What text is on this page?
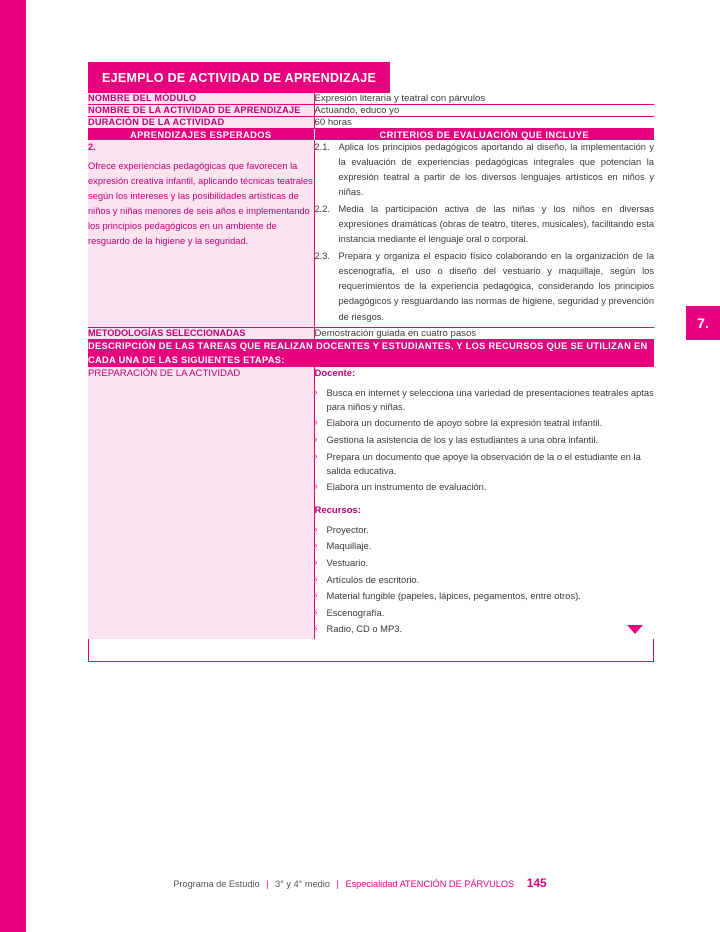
7.
EJEMPLO DE ACTIVIDAD DE APRENDIZAJE
NOMBRE DEL MÓDULO	Expresión literaria y teatral con párvulos
NOMBRE DE LA ACTIVIDAD DE APRENDIZAJE	Actuando, educo yo
DURACIÓN DE LA ACTIVIDAD	60 horas
APRENDIZAJES ESPERADOS	CRITERIOS DE EVALUACIÓN QUE INCLUYE

2.
Ofrece experiencias pedagógicas que favorecen la expresión creativa infantil, aplicando técnicas teatrales según los intereses y las posibilidades artísticas de niños y niñas menores de seis años e implementando los principios pedagógicos en un ambiente de resguardo de la higiene y la seguridad.	
2.1. Aplica los principios pedagógicos aportando al diseño, la implementación y la evaluación de experiencias pedagógicas integrales que potencian la expresión teatral a partir de los diversos lenguajes artísticos en niños y niñas.
2.2. Media la participación activa de las niñas y los niños en diversas expresiones dramáticas (obras de teatro, títeres, musicales), facilitando esta instancia mediante el lenguaje oral o corporal.
2.3. Prepara y organiza el espacio físico colaborando en la organización de la escenografía, el uso o diseño del vestuario y maquillaje, según los requerimientos de la experiencia pedagógica, considerando los principios pedagógicos y resguardando las normas de higiene, seguridad y prevención de riesgos.

METODOLOGÍAS SELECCIONADAS	Demostración guiada en cuatro pasos
DESCRIPCIÓN DE LAS TAREAS QUE REALIZAN DOCENTES Y ESTUDIANTES, Y LOS RECURSOS QUE SE UTILIZAN EN CADA UNA DE LAS SIGUIENTES ETAPAS:	
PREPARACIÓN DE LA ACTIVIDAD	Docente:
› Busca en internet y selecciona una variedad de presentaciones teatrales aptas para niños y niñas.
› Elabora un documento de apoyo sobre la expresión teatral infantil.
› Gestiona la asistencia de los y las estudiantes a una obra infantil.
› Prepara un documento que apoye la observación de la o el estudiante en la salida educativa.
› Elabora un instrumento de evaluación.
Recursos:
› Proyector.
› Maquillaje.
› Vestuario.
› Artículos de escritorio.
› Material fungible (papeles, lápices, pegamentos, entre otros).
› Escenografía.
› Radio, CD o MP3.
Programa de Estudio | 3° y 4° medio | Especialidad ATENCIÓN DE PÁRVULOS 145
